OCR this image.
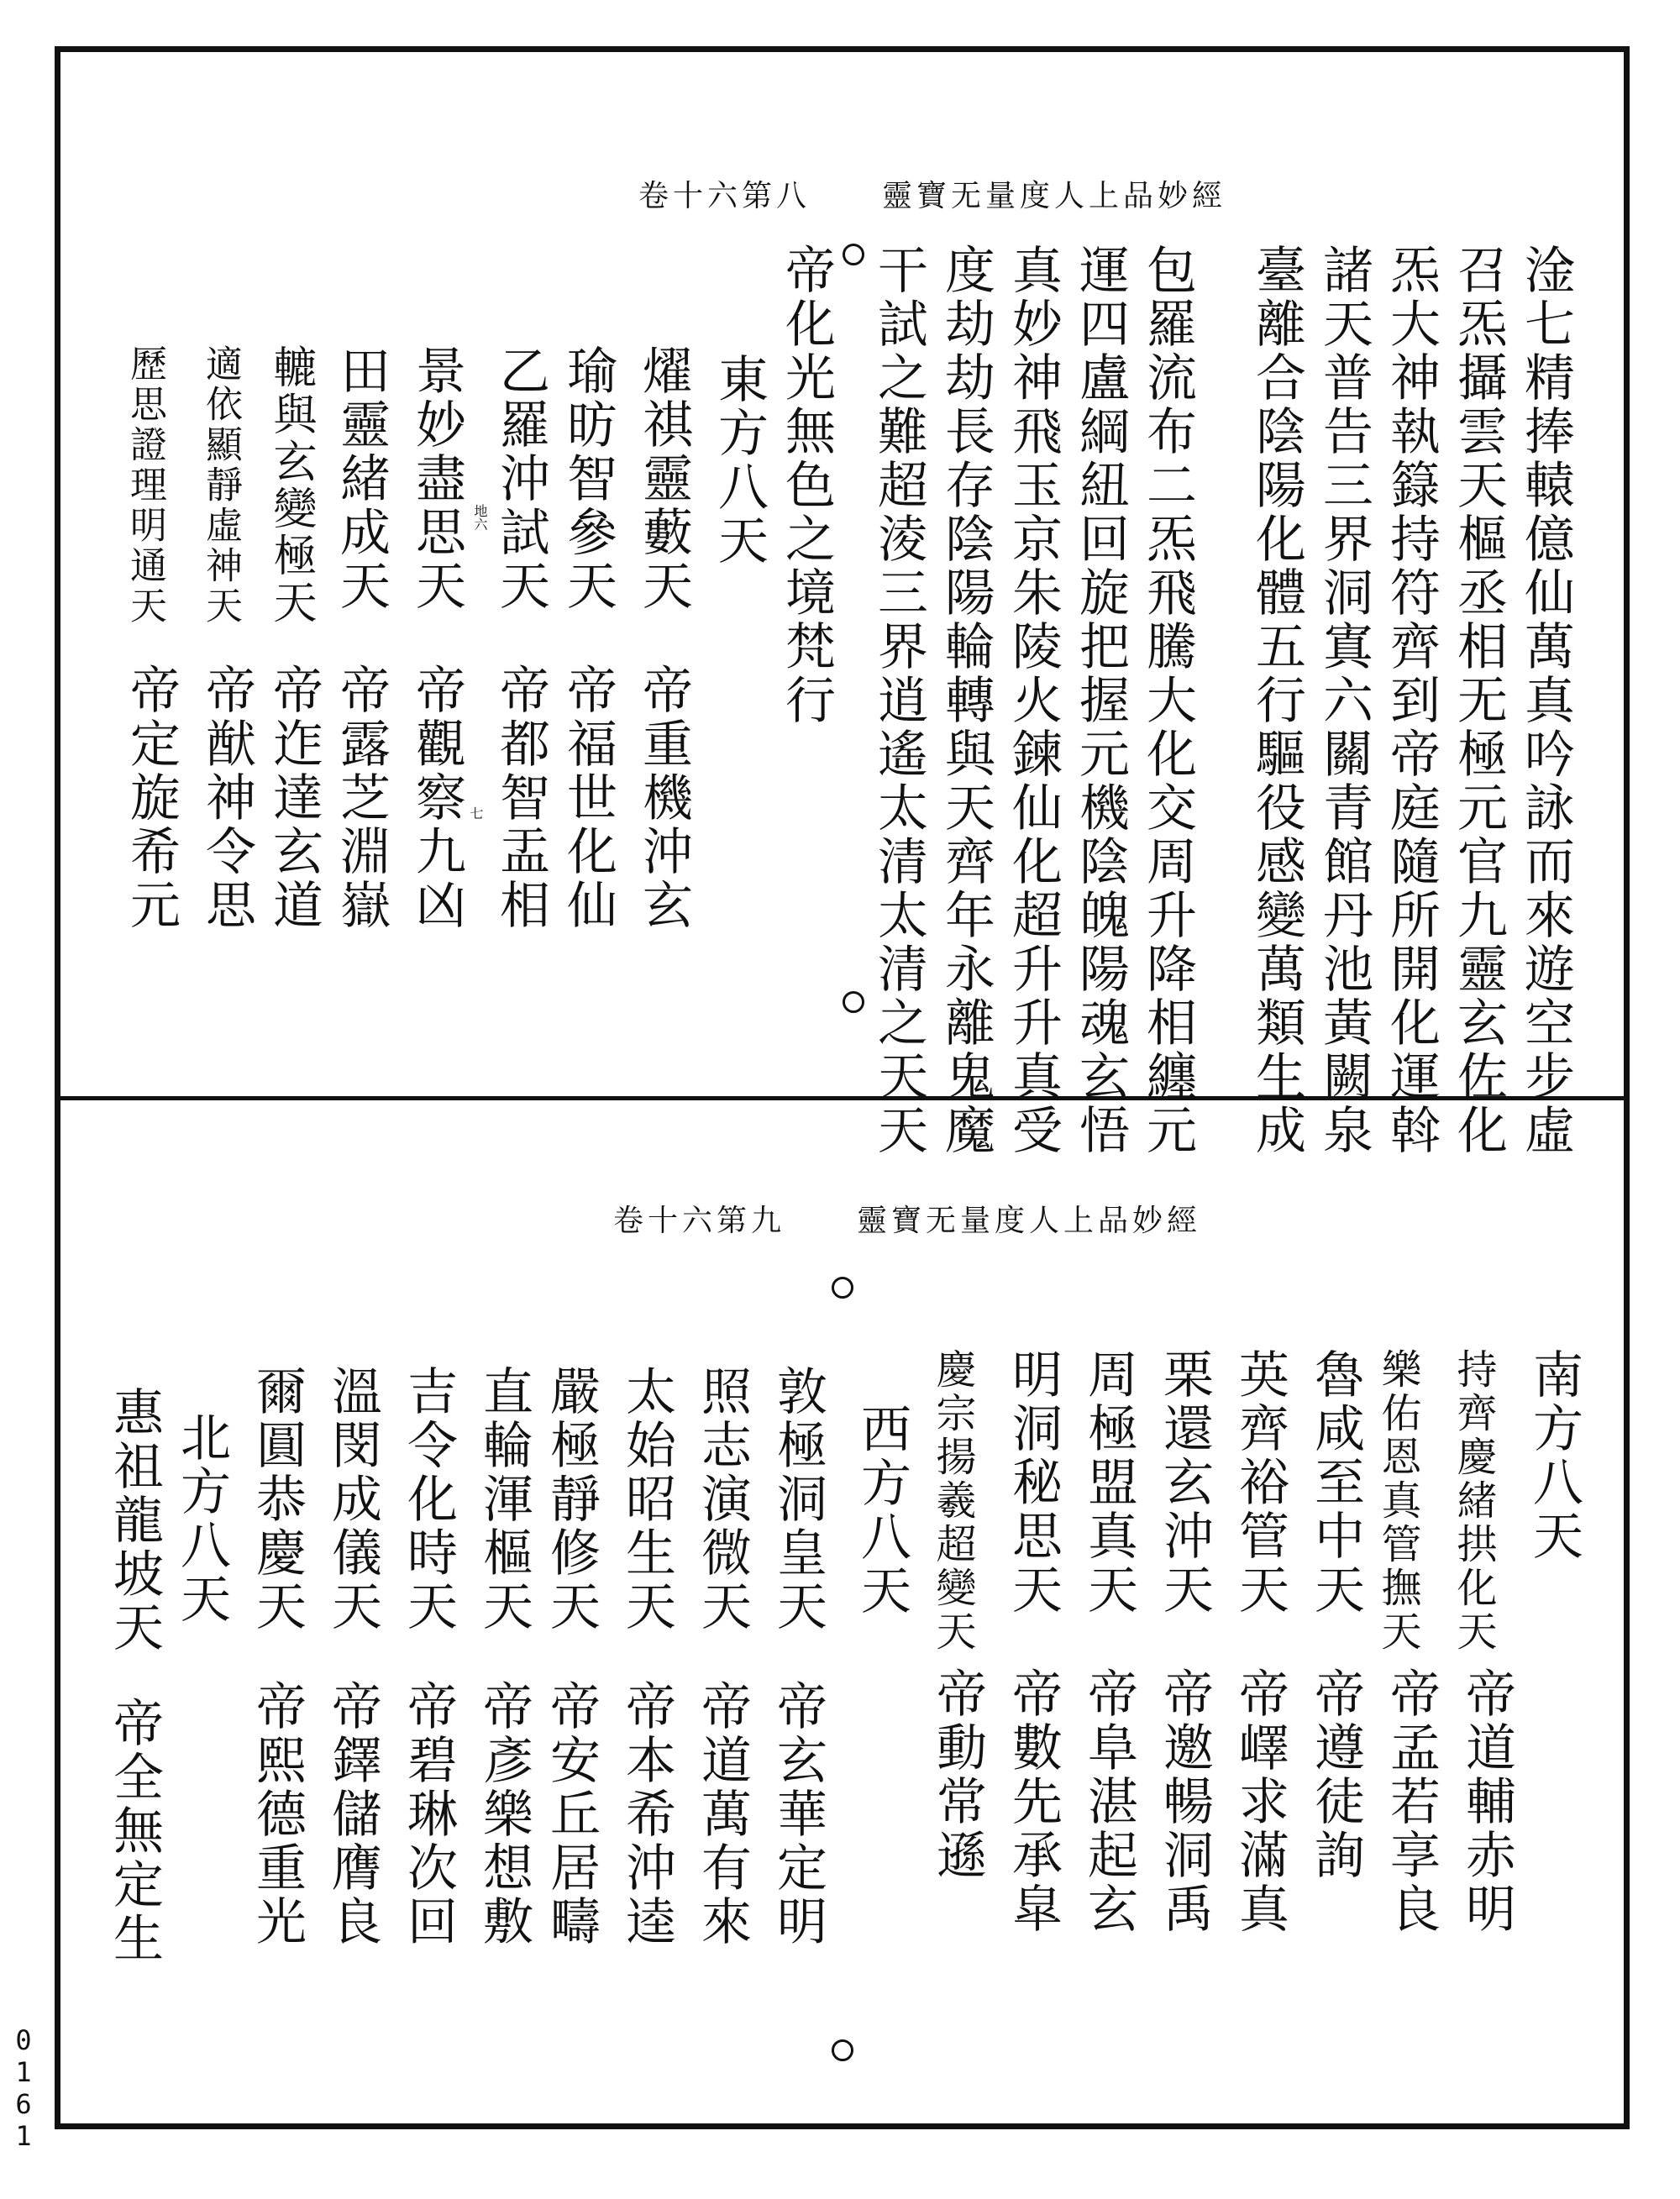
靈寶无量度人上品妙經
卷十六第八
淦七精捧轅億仙萬真吟詠而來遊空步虛
召炁攝雲天樞丞相无極元官九靈玄佐化
炁大神執籙持符齊到帝庭隨所開化運斡
諸天普告三界洞寘六關青館丹池黃闕泉
臺離合陰陽化體五行驅役感變萬類生成
包羅流布二炁飛騰大化交周升降相纏元
運四盧綱紐回旋把握元機陰魄陽魂玄悟
真妙神飛玉京朱陵火鍊仙化超升升真受
度劫劫長存陰陽輪轉與天齊年永離鬼魔
干試之難超淩三界逍遙太清太清之天天
帝化光無色之境梵行
東方八天
燿祺靈藪天
瑜昉智參天
乙羅沖試天
景妙盡思天
田靈緒成天
轆與玄變極天
適依顯靜虛神天
歷思證理明通天	地六
七	帝重機沖玄
帝福世化仙
帝都智盂相
帝觀察九凶
帝露芝淵嶽
帝迮達玄道
帝猷神令思
帝定旋希元
靈寶无量度人上品妙經
卷十六第九
南方八天
持齊慶緒拱化天
樂佑恩真管撫天
魯咸至中天
英齊裕管天
帝道輔赤明
帝孟若享良
帝遵徒詢
帝嶧求滿真
栗還玄沖天
周極盟真天
明洞秘思天
慶宗揚羲超變天
帝邀暢洞禹
帝阜湛起玄
帝數先承皐
帝動常遜
西方八天
敦極洞皇天
照志演微天
太始昭生天
嚴極靜修天
直輪渾樞天
吉令化時天
溫閔成儀天
爾圓恭慶天
帝玄華定明
帝道萬有來
帝本希沖逵
帝安丘居疇
帝彥樂想敷
帝碧琳次回
帝鐸儲膺良
帝熙德重光
北方八天
惠祖龍坡天
帝全無定生
0161
